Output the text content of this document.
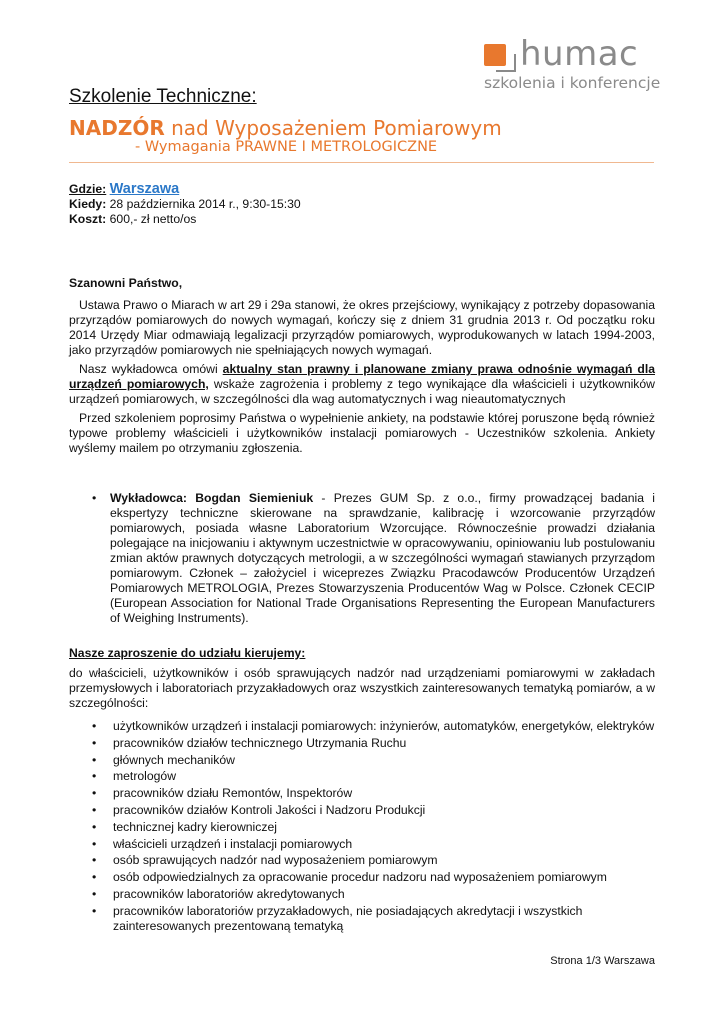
humac
szkolenia i konferencje
Szkolenie Techniczne:
NADZÓR nad Wyposażeniem Pomiarowym
- Wymagania PRAWNE I METROLOGICZNE
Gdzie: Warszawa
Kiedy: 28 października 2014 r., 9:30-15:30
Koszt: 600,- zł netto/os

Szanowni Państwo,

Ustawa Prawo o Miarach w art 29 i 29a stanowi, że okres przejściowy, wynikający z potrzeby dopasowania przyrządów pomiarowych do nowych wymagań, kończy się z dniem 31 grudnia 2013 r. Od początku roku 2014 Urzędy Miar odmawiają legalizacji przyrządów pomiarowych, wyprodukowanych w latach 1994-2003, jako przyrządów pomiarowych nie spełniających nowych wymagań.

Nasz wykładowca omówi aktualny stan prawny i planowane zmiany prawa odnośnie wymagań dla urządzeń pomiarowych, wskaże zagrożenia i problemy z tego wynikające dla właścicieli i użytkowników urządzeń pomiarowych, w szczególności dla wag automatycznych i wag nieautomatycznych

Przed szkoleniem poprosimy Państwa o wypełnienie ankiety, na podstawie której poruszone będą również typowe problemy właścicieli i użytkowników instalacji pomiarowych - Uczestników szkolenia. Ankiety wyślemy mailem po otrzymaniu zgłoszenia.

• Wykładowca: Bogdan Siemieniuk - Prezes GUM Sp. z o.o., firmy prowadzącej badania i ekspertyzy techniczne skierowane na sprawdzanie, kalibrację i wzorcowanie przyrządów pomiarowych, posiada własne Laboratorium Wzorcujące. Równocześnie prowadzi działania polegające na inicjowaniu i aktywnym uczestnictwie w opracowywaniu, opiniowaniu lub postulowaniu zmian aktów prawnych dotyczących metrologii, a w szczególności wymagań stawianych przyrządom pomiarowym. Członek – założyciel i wiceprezes Związku Pracodawców Producentów Urządzeń Pomiarowych METROLOGIA, Prezes Stowarzyszenia Producentów Wag w Polsce. Członek CECIP (European Association for National Trade Organisations Representing the European Manufacturers of Weighing Instruments).
Nasze zaproszenie do udziału kierujemy:

do właścicieli, użytkowników i osób sprawujących nadzór nad urządzeniami pomiarowymi w zakładach przemysłowych i laboratoriach przyzakładowych oraz wszystkich zainteresowanych tematyką pomiarów, a w szczególności:

• użytkowników urządzeń i instalacji pomiarowych: inżynierów, automatyków, energetyków, elektryków
• pracowników działów technicznego Utrzymania Ruchu
• głównych mechaników
• metrologów
• pracowników działu Remontów, Inspektorów
• pracowników działów Kontroli Jakości i Nadzoru Produkcji
• technicznej kadry kierowniczej
• właścicieli urządzeń i instalacji pomiarowych
• osób sprawujących nadzór nad wyposażeniem pomiarowym
• osób odpowiedzialnych za opracowanie procedur nadzoru nad wyposażeniem pomiarowym
• pracowników laboratoriów akredytowanych
• pracowników laboratoriów przyzakładowych, nie posiadających akredytacji i wszystkich zainteresowanych prezentowaną tematyką
Strona 1/3 Warszawa
